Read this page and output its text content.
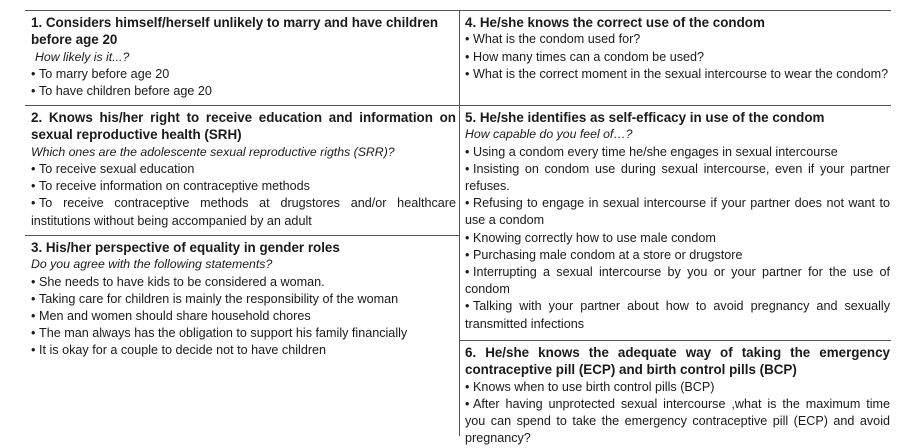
1. Considers himself/herself unlikely to marry and have children before age 20
How likely is it...?
• To marry before age 20
• To have children before age 20
2. Knows his/her right to receive education and information on sexual reproductive health (SRH)
Which ones are the adolescente sexual reproductive rigths (SRR)?
• To receive sexual education
• To receive information on contraceptive methods
• To receive contraceptive methods at drugstores and/or healthcare institutions without being accompanied by an adult
3. His/her perspective of equality in gender roles
Do you agree with the following statements?
• She needs to have kids to be considered a woman.
• Taking care for children is mainly the responsibility of the woman
• Men and women should share household chores
• The man always has the obligation to support his family financially
• It is okay for a couple to decide not to have children
4. He/she knows the correct use of the condom
• What is the condom used for?
• How many times can a condom be used?
• What is the correct moment in the sexual intercourse to wear the condom?
5. He/she identifies as self-efficacy in use of the condom
How capable do you feel of…?
• Using a condom every time he/she engages in sexual intercourse
• Insisting on condom use during sexual intercourse, even if your partner refuses.
• Refusing to engage in sexual intercourse if your partner does not want to use a condom
• Knowing correctly how to use male condom
• Purchasing male condom at a store or drugstore
• Interrupting a sexual intercourse by you or your partner for the use of condom
• Talking with your partner about how to avoid pregnancy and sexually transmitted infections
6. He/she knows the adequate way of taking the emergency contraceptive pill (ECP) and birth control pills (BCP)
• Knows when to use birth control pills (BCP)
• After having unprotected sexual intercourse ,what is the maximum time you can spend to take the emergency contraceptive pill (ECP) and avoid pregnancy?
